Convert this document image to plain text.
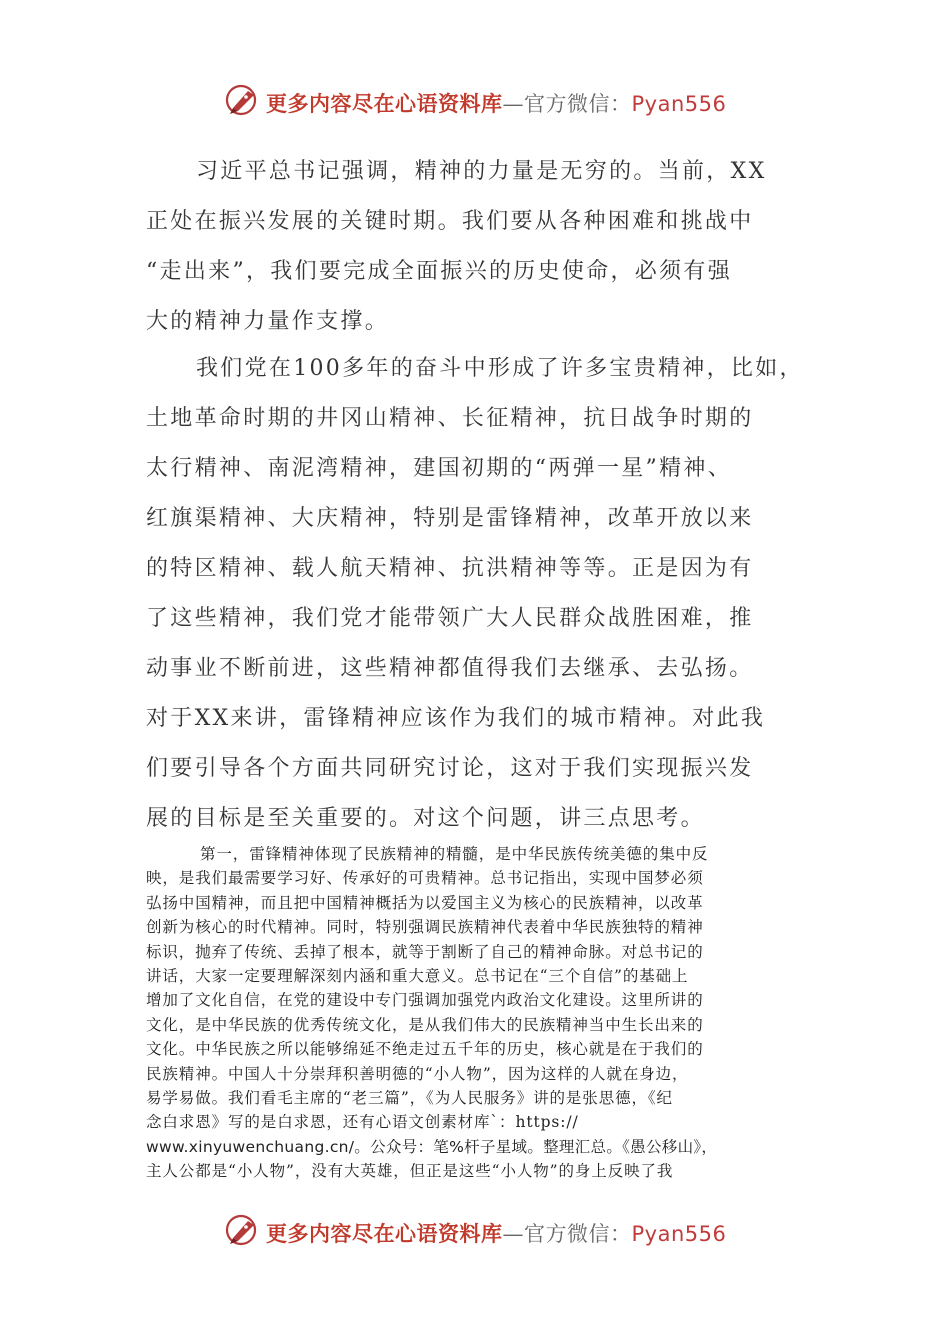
更多内容尽在心语资料库—官方微信：Pyan556
习近平总书记强调，精神的力量是无穷的。当前，XX
正处在振兴发展的关键时期。我们要从各种困难和挑战中
“走出来”，我们要完成全面振兴的历史使命，必须有强
大的精神力量作支撑。
我们党在100多年的奋斗中形成了许多宝贵精神，比如，
土地革命时期的井冈山精神、长征精神，抗日战争时期的
太行精神、南泥湾精神，建国初期的“两弹一星”精神、
红旗渠精神、大庆精神，特别是雷锋精神，改革开放以来
的特区精神、载人航天精神、抗洪精神等等。正是因为有
了这些精神，我们党才能带领广大人民群众战胜困难，推
动事业不断前进，这些精神都值得我们去继承、去弘扬。
对于XX来讲，雷锋精神应该作为我们的城市精神。对此我
们要引导各个方面共同研究讨论，这对于我们实现振兴发
展的目标是至关重要的。对这个问题，讲三点思考。
第一，雷锋精神体现了民族精神的精髓，是中华民族传统美德的集中反
映，是我们最需要学习好、传承好的可贵精神。总书记指出，实现中国梦必须
弘扬中国精神，而且把中国精神概括为以爱国主义为核心的民族精神，以改革
创新为核心的时代精神。同时，特别强调民族精神代表着中华民族独特的精神
标识，抛弃了传统、丢掉了根本，就等于割断了自己的精神命脉。对总书记的
讲话，大家一定要理解深刻内涵和重大意义。总书记在“三个自信”的基础上
增加了文化自信，在党的建设中专门强调加强党内政治文化建设。这里所讲的
文化，是中华民族的优秀传统文化，是从我们伟大的民族精神当中生长出来的
文化。中华民族之所以能够绵延不绝走过五千年的历史，核心就是在于我们的
民族精神。中国人十分崇拜积善明德的“小人物”，因为这样的人就在身边，
易学易做。我们看毛主席的“老三篇”，《为人民服务》讲的是张思德，《纪
念白求恩》写的是白求恩，还有心语文创素材库`：https://
www.xinyuwenchuang.cn/。公众号：笔%杆子星域。整理汇总。《愚公移山》，
主人公都是“小人物”，没有大英雄，但正是这些“小人物”的身上反映了我
更多内容尽在心语资料库—官方微信：Pyan556
